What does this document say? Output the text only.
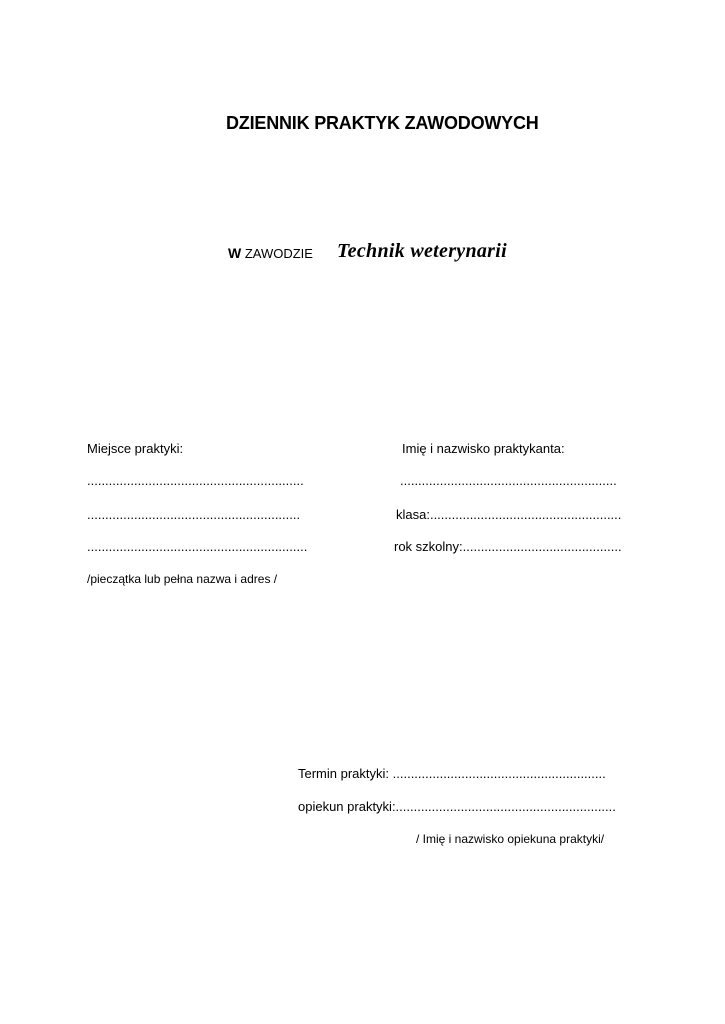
DZIENNIK PRAKTYK ZAWODOWYCH
W ZAWODZIE Technik weterynarii
Miejsce praktyki:
............................................................
...........................................................
.............................................................
/pieczątka lub pełna nazwa i adres /
Imię i nazwisko praktykanta:
............................................................
klasa:.....................................................
rok szkolny:............................................
Termin praktyki: ...........................................................
opiekun praktyki:.............................................................
/ Imię i nazwisko opiekuna praktyki/
